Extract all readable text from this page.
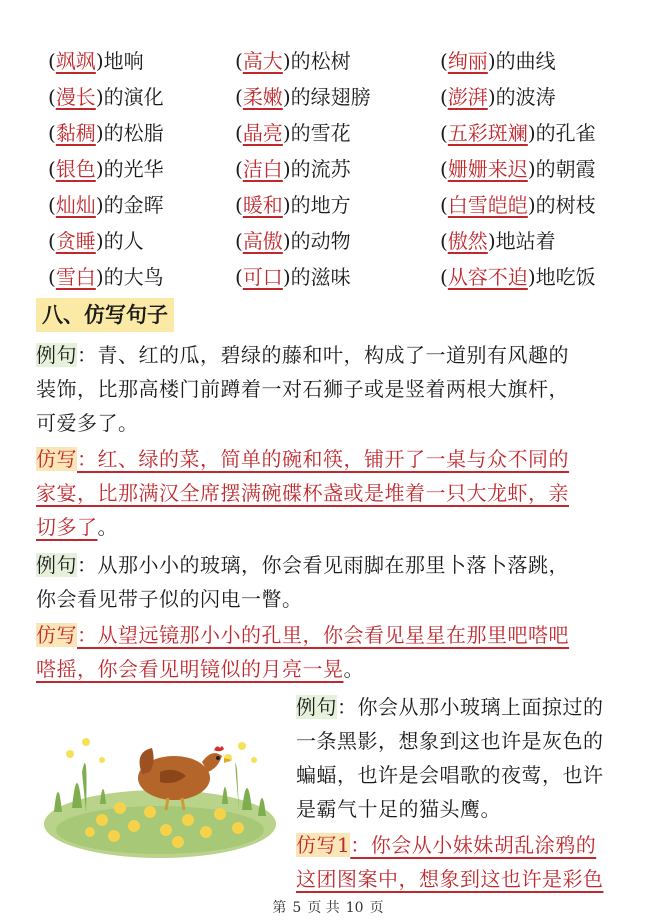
(飒飒)地响	(高大)的松树	(绚丽)的曲线
(漫长)的演化	(柔嫩)的绿翅膀	(澎湃)的波涛
(黏稠)的松脂	(晶亮)的雪花	(五彩斑斓)的孔雀
(银色)的光华	(洁白)的流苏	(姗姗来迟)的朝霞
(灿灿)的金晖	(暖和)的地方	(白雪皑皑)的树枝
(贪睡)的人	(高傲)的动物	(傲然)地站着
(雪白)的大鸟	(可口)的滋味	(从容不迫)地吃饭
八、仿写句子
例句：青、红的瓜，碧绿的藤和叶，构成了一道别有风趣的
装饰，比那高楼门前蹲着一对石狮子或是竖着两根大旗杆，
可爱多了。
仿写：红、绿的菜，简单的碗和筷，铺开了一桌与众不同的
家宴，比那满汉全席摆满碗碟杯盏或是堆着一只大龙虾，亲
切多了。
例句：从那小小的玻璃，你会看见雨脚在那里卜落卜落跳，
你会看见带子似的闪电一瞥。
仿写：从望远镜那小小的孔里，你会看见星星在那里吧嗒吧
嗒摇，你会看见明镜似的月亮一晃。
例句：你会从那小玻璃上面掠过的
一条黑影，想象到这也许是灰色的
蝙蝠，也许是会唱歌的夜莺，也许
是霸气十足的猫头鹰。
仿写1：你会从小妹妹胡乱涂鸦的
这团图案中，想象到这也许是彩色
第 5 页 共 10 页
